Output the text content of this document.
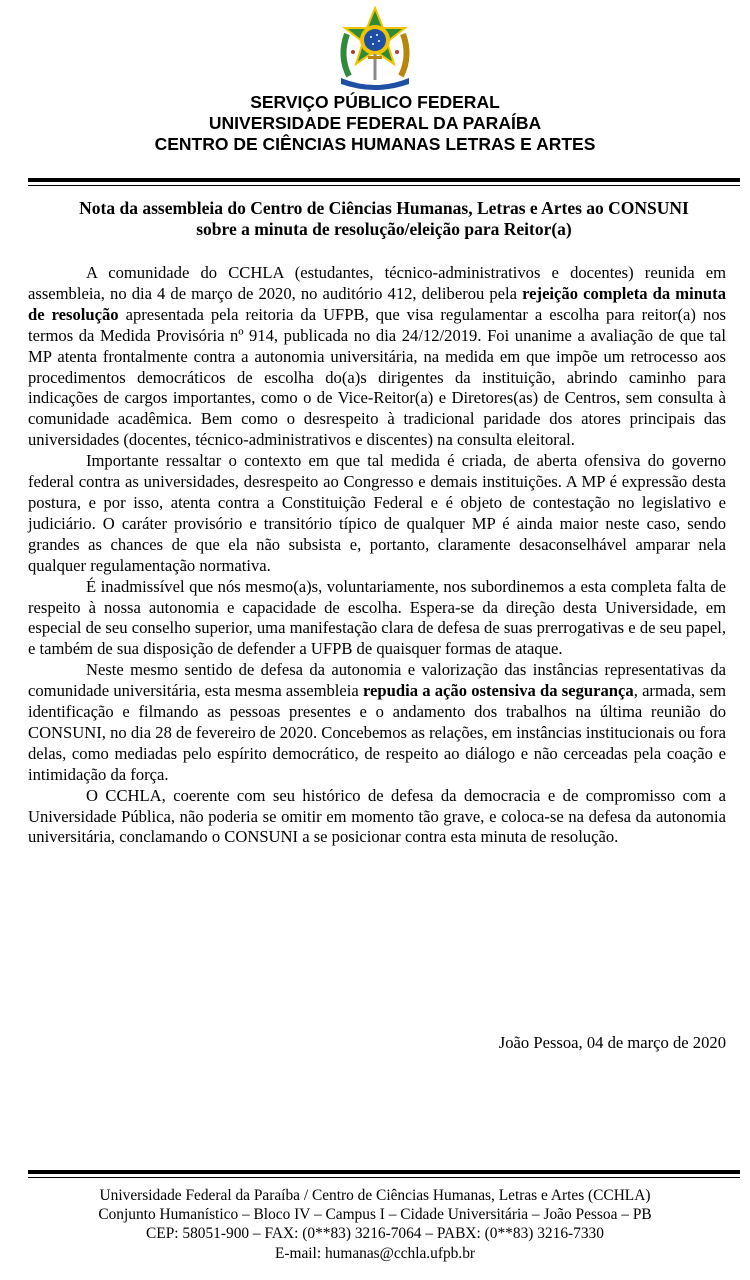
SERVIÇO PÚBLICO FEDERAL
UNIVERSIDADE FEDERAL DA PARAÍBA
CENTRO DE CIÊNCIAS HUMANAS LETRAS E ARTES
Nota da assembleia do Centro de Ciências Humanas, Letras e Artes ao CONSUNI
sobre a minuta de resolução/eleição para Reitor(a)

A comunidade do CCHLA (estudantes, técnico-administrativos e docentes) reunida em assembleia, no dia 4 de março de 2020, no auditório 412, deliberou pela rejeição completa da minuta de resolução apresentada pela reitoria da UFPB, que visa regulamentar a escolha para reitor(a) nos termos da Medida Provisória nº 914, publicada no dia 24/12/2019. Foi unanime a avaliação de que tal MP atenta frontalmente contra a autonomia universitária, na medida em que impõe um retrocesso aos procedimentos democráticos de escolha do(a)s dirigentes da instituição, abrindo caminho para indicações de cargos importantes, como o de Vice-Reitor(a) e Diretores(as) de Centros, sem consulta à comunidade acadêmica. Bem como o desrespeito à tradicional paridade dos atores principais das universidades (docentes, técnico-administrativos e discentes) na consulta eleitoral.

Importante ressaltar o contexto em que tal medida é criada, de aberta ofensiva do governo federal contra as universidades, desrespeito ao Congresso e demais instituições. A MP é expressão desta postura, e por isso, atenta contra a Constituição Federal e é objeto de contestação no legislativo e judiciário. O caráter provisório e transitório típico de qualquer MP é ainda maior neste caso, sendo grandes as chances de que ela não subsista e, portanto, claramente desaconselhável amparar nela qualquer regulamentação normativa.

É inadmissível que nós mesmo(a)s, voluntariamente, nos subordinemos a esta completa falta de respeito à nossa autonomia e capacidade de escolha. Espera-se da direção desta Universidade, em especial de seu conselho superior, uma manifestação clara de defesa de suas prerrogativas e de seu papel, e também de sua disposição de defender a UFPB de quaisquer formas de ataque.

Neste mesmo sentido de defesa da autonomia e valorização das instâncias representativas da comunidade universitária, esta mesma assembleia repudia a ação ostensiva da segurança, armada, sem identificação e filmando as pessoas presentes e o andamento dos trabalhos na última reunião do CONSUNI, no dia 28 de fevereiro de 2020. Concebemos as relações, em instâncias institucionais ou fora delas, como mediadas pelo espírito democrático, de respeito ao diálogo e não cerceadas pela coação e intimidação da força.

O CCHLA, coerente com seu histórico de defesa da democracia e de compromisso com a Universidade Pública, não poderia se omitir em momento tão grave, e coloca-se na defesa da autonomia universitária, conclamando o CONSUNI a se posicionar contra esta minuta de resolução.

João Pessoa, 04 de março de 2020
Universidade Federal da Paraíba / Centro de Ciências Humanas, Letras e Artes (CCHLA)
Conjunto Humanístico – Bloco IV – Campus I – Cidade Universitária – João Pessoa – PB
CEP: 58051-900 – FAX: (0**83) 3216-7064 – PABX: (0**83) 3216-7330
E-mail: humanas@cchla.ufpb.br
